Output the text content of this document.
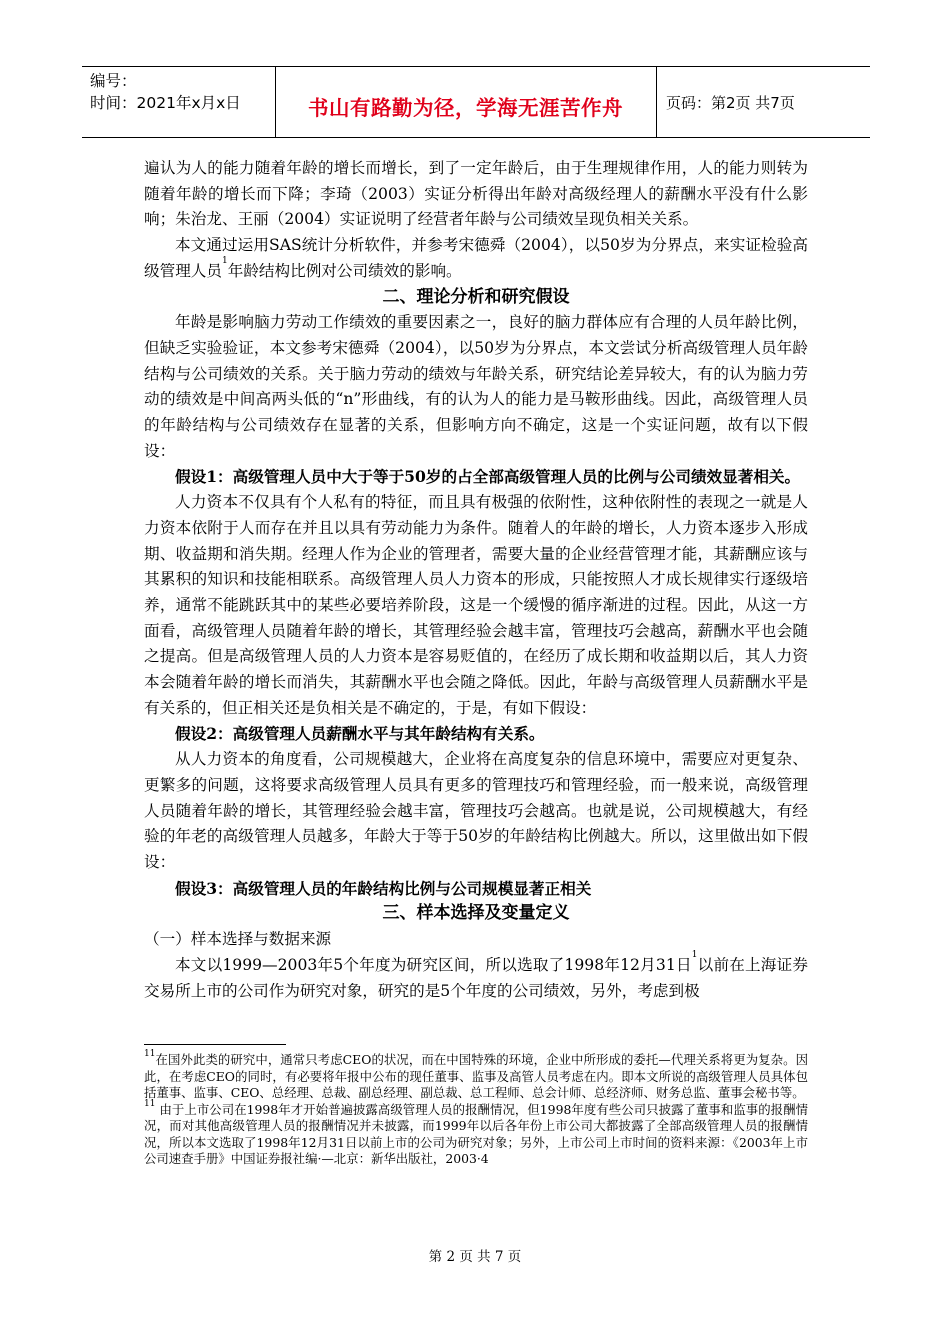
编号：
时间：2021年x月x日	书山有路勤为径，学海无涯苦作舟	页码：第2页 共7页

遍认为人的能力随着年龄的增长而增长，到了一定年龄后，由于生理规律作用，人的能力则转为随着年龄的增长而下降；李琦（2003）实证分析得出年龄对高级经理人的薪酬水平没有什么影响；朱治龙、王丽（2004）实证说明了经营者年龄与公司绩效呈现负相关关系。

本文通过运用SAS统计分析软件，并参考宋德舜（2004），以50岁为分界点，来实证检验高级管理人员$^1$年龄结构比例对公司绩效的影响。

二、理论分析和研究假设

年龄是影响脑力劳动工作绩效的重要因素之一，良好的脑力群体应有合理的人员年龄比例，但缺乏实验验证，本文参考宋德舜（2004），以50岁为分界点，本文尝试分析高级管理人员年龄结构与公司绩效的关系。关于脑力劳动的绩效与年龄关系，研究结论差异较大，有的认为脑力劳动的绩效是中间高两头低的“n”形曲线，有的认为人的能力是马鞍形曲线。因此，高级管理人员的年龄结构与公司绩效存在显著的关系，但影响方向不确定，这是一个实证问题，故有以下假设：

假设1：高级管理人员中大于等于50岁的占全部高级管理人员的比例与公司绩效显著相关。

人力资本不仅具有个人私有的特征，而且具有极强的依附性，这种依附性的表现之一就是人力资本依附于人而存在并且以具有劳动能力为条件。随着人的年龄的增长，人力资本逐步入形成期、收益期和消失期。经理人作为企业的管理者，需要大量的企业经营管理才能，其薪酬应该与其累积的知识和技能相联系。高级管理人员人力资本的形成，只能按照人才成长规律实行逐级培养，通常不能跳跃其中的某些必要培养阶段，这是一个缓慢的循序渐进的过程。因此，从这一方面看，高级管理人员随着年龄的增长，其管理经验会越丰富，管理技巧会越高，薪酬水平也会随之提高。但是高级管理人员的人力资本是容易贬值的，在经历了成长期和收益期以后，其人力资本会随着年龄的增长而消失，其薪酬水平也会随之降低。因此，年龄与高级管理人员薪酬水平是有关系的，但正相关还是负相关是不确定的，于是，有如下假设：

假设2：高级管理人员薪酬水平与其年龄结构有关系。

从人力资本的角度看，公司规模越大，企业将在高度复杂的信息环境中，需要应对更复杂、更繁多的问题，这将要求高级管理人员具有更多的管理技巧和管理经验，而一般来说，高级管理人员随着年龄的增长，其管理经验会越丰富，管理技巧会越高。也就是说，公司规模越大，有经验的年老的高级管理人员越多，年龄大于等于50岁的年龄结构比例越大。所以，这里做出如下假设：

假设3：高级管理人员的年龄结构比例与公司规模显著正相关

三、样本选择及变量定义

（一）样本选择与数据来源

本文以1999—2003年5个年度为研究区间，所以选取了1998年12月31日$^1$以前在上海证券交易所上市的公司作为研究对象，研究的是5个年度的公司绩效，另外，考虑到极

$^{11}$在国外此类的研究中，通常只考虑CEO的状况，而在中国特殊的环境，企业中所形成的委托—代理关系将更为复杂。因此，在考虑CEO的同时，有必要将年报中公布的现任董事、监事及高管人员考虑在内。即本文所说的高级管理人员具体包括董事、监事、CEO、总经理、总裁、副总经理、副总裁、总工程师、总会计师、总经济师、财务总监、董事会秘书等。

$^{11}$ 由于上市公司在1998年才开始普遍披露高级管理人员的报酬情况，但1998年度有些公司只披露了董事和监事的报酬情况，而对其他高级管理人员的报酬情况并未披露，而1999年以后各年份上市公司大都披露了全部高级管理人员的报酬情况，所以本文选取了1998年12月31日以前上市的公司为研究对象；另外，上市公司上市时间的资料来源：《2003年上市公司速查手册》中国证券报社编·—北京：新华出版社，2003·4

第 2 页 共 7 页
